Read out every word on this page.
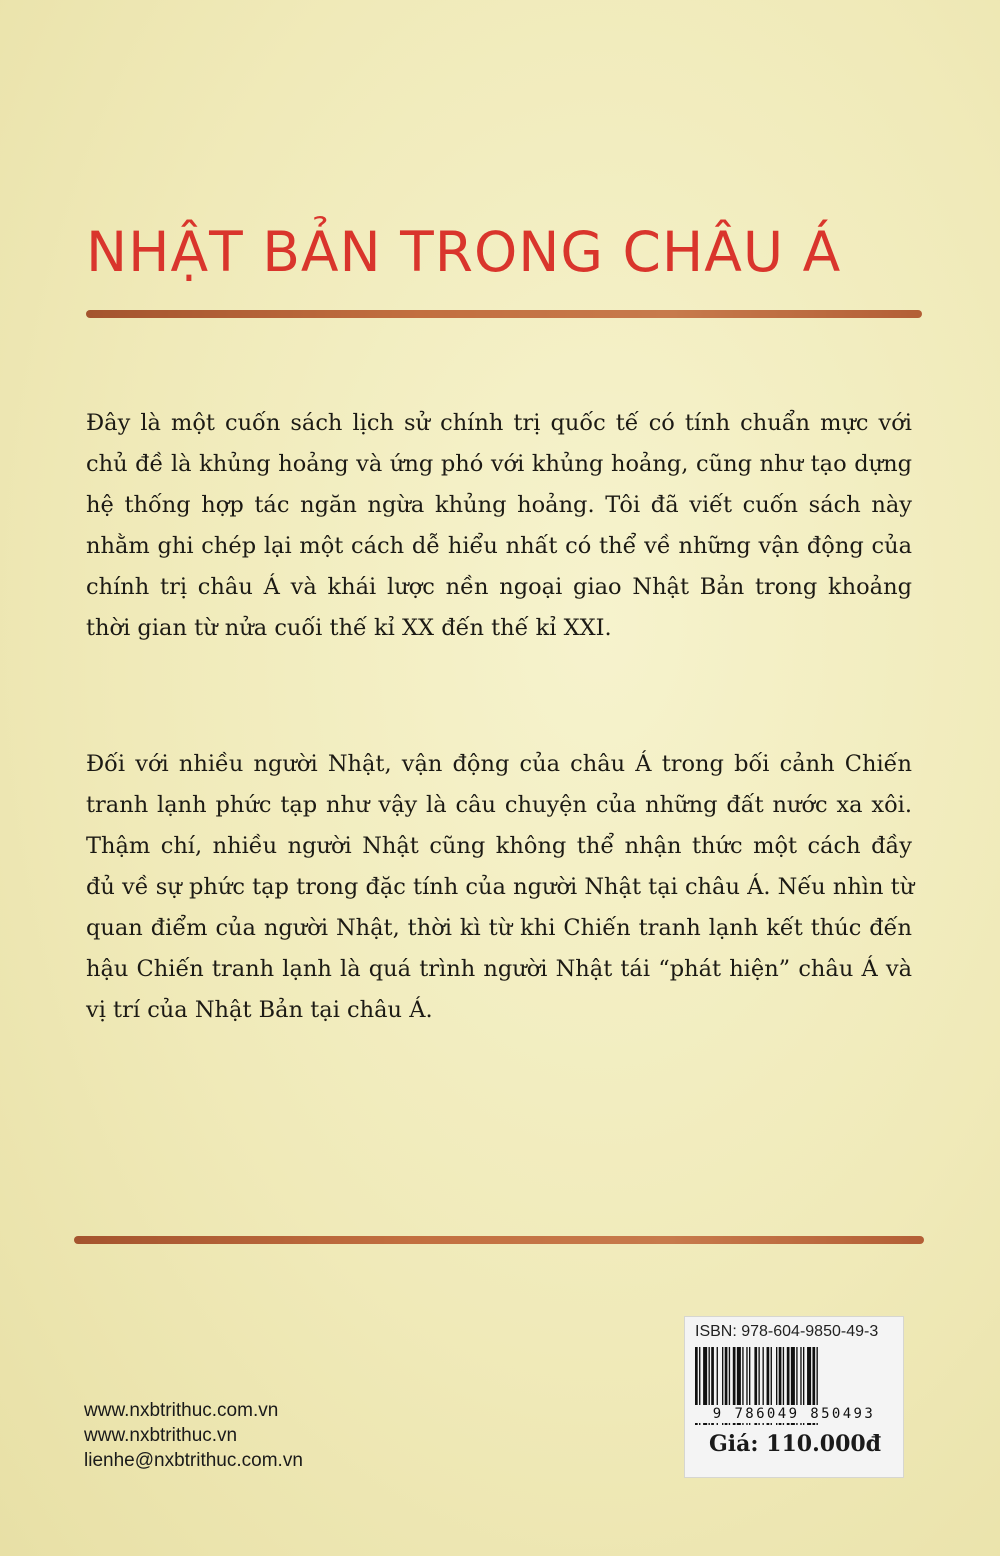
NHẬT BẢN TRONG CHÂU Á

Đây là một cuốn sách lịch sử chính trị quốc tế có tính chuẩn mực với
chủ đề là khủng hoảng và ứng phó với khủng hoảng, cũng như tạo dựng
hệ thống hợp tác ngăn ngừa khủng hoảng. Tôi đã viết cuốn sách này
nhằm ghi chép lại một cách dễ hiểu nhất có thể về những vận động của
chính trị châu Á và khái lược nền ngoại giao Nhật Bản trong khoảng
thời gian từ nửa cuối thế kỉ XX đến thế kỉ XXI.

Đối với nhiều người Nhật, vận động của châu Á trong bối cảnh Chiến
tranh lạnh phức tạp như vậy là câu chuyện của những đất nước xa xôi.
Thậm chí, nhiều người Nhật cũng không thể nhận thức một cách đầy
đủ về sự phức tạp trong đặc tính của người Nhật tại châu Á. Nếu nhìn từ
quan điểm của người Nhật, thời kì từ khi Chiến tranh lạnh kết thúc đến
hậu Chiến tranh lạnh là quá trình người Nhật tái “phát hiện” châu Á và
vị trí của Nhật Bản tại châu Á.

www.nxbtrithuc.com.vn
www.nxbtrithuc.vn
lienhe@nxbtrithuc.com.vn
ISBN: 978-604-9850-49-3
9 786049 850493
Giá: 110.000đ
